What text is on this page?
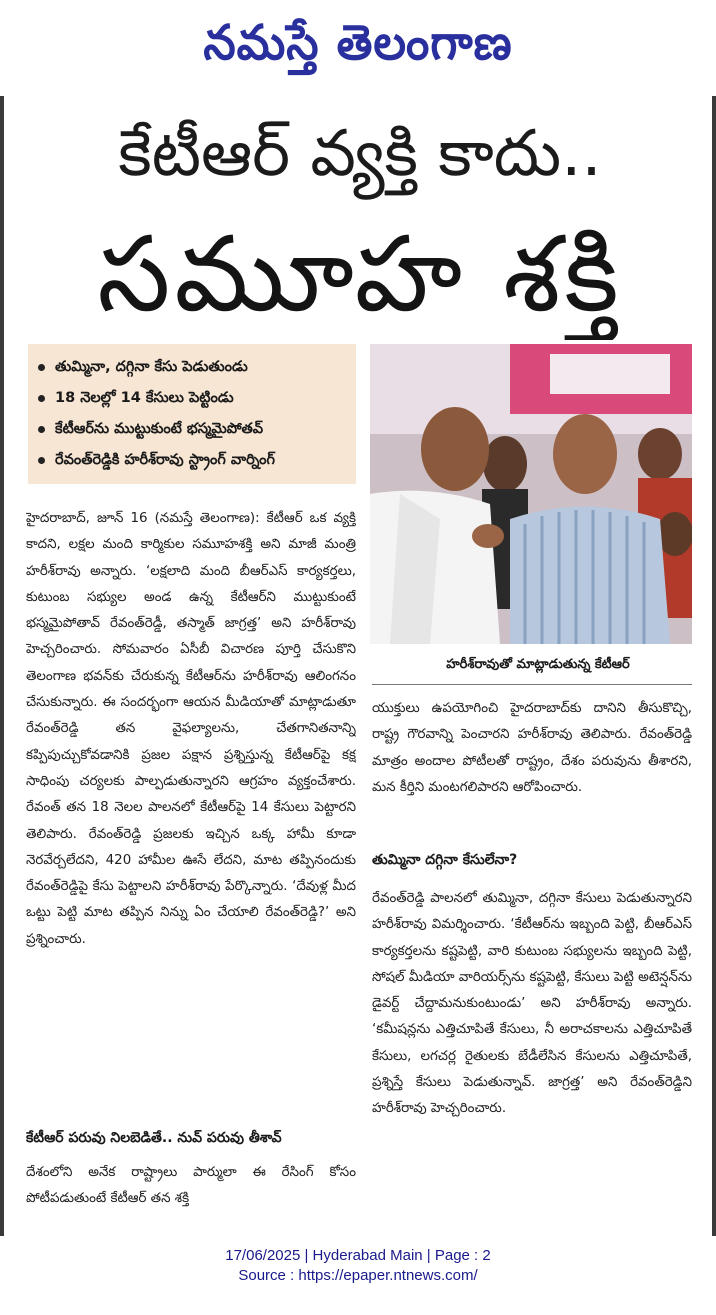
నమస్తే తెలంగాణ
కేటీఆర్ వ్యక్తి కాదు..
సమూహ శక్తి
తుమ్మినా, దగ్గినా కేసు పెడుతుండు
18 నెలల్లో 14 కేసులు పెట్టిండు
కేటీఆర్‌ను ముట్టుకుంటే భస్మమైపోతవ్
రేవంత్‌రెడ్డికి హరీశ్‌రావు స్ట్రాంగ్ వార్నింగ్
హరీశ్‌రావుతో మాట్లాడుతున్న కేటీఆర్

హైదరాబాద్, జూన్ 16 (నమస్తే తెలంగాణ): కేటీఆర్ ఒక వ్యక్తి కాదని, లక్షల మంది కార్మికుల సమూహశక్తి అని మాజీ మంత్రి హరీశ్‌రావు అన్నారు. ‘లక్షలాది మంది బీఆర్‌ఎస్ కార్యకర్తలు, కుటుంబ సభ్యుల అండ ఉన్న కేటీఆర్‌ని ముట్టుకుంటే భస్మమైపోతావ్ రేవంత్‌రెడ్డీ, తస్మాత్ జాగ్రత్త’ అని హరీశ్‌రావు హెచ్చరించారు. సోమవారం ఏసీబీ విచారణ పూర్తి చేసుకొని తెలంగాణ భవన్‌కు చేరుకున్న కేటీఆర్‌ను హరీశ్‌రావు ఆలింగనం చేసుకున్నారు. ఈ సందర్భంగా ఆయన మీడియాతో మాట్లాడుతూ రేవంత్‌రెడ్డి తన వైఫల్యాలను, చేతగానితనాన్ని కప్పిపుచ్చుకోవడానికి ప్రజల పక్షాన ప్రశ్నిస్తున్న కేటీఆర్‌పై కక్ష సాధింపు చర్యలకు పాల్పడుతున్నారని ఆగ్రహం వ్యక్తంచేశారు. రేవంత్ తన 18 నెలల పాలనలో కేటీఆర్‌పై 14 కేసులు పెట్టారని తెలిపారు. రేవంత్‌రెడ్డి ప్రజలకు ఇచ్చిన ఒక్క హామీ కూడా నెరవేర్చలేదని, 420 హామీల ఊసే లేదని, మాట తప్పినందుకు రేవంత్‌రెడ్డిపై కేసు పెట్టాలని హరీశ్‌రావు పేర్కొన్నారు. ‘దేవుళ్ల మీద ఒట్టు పెట్టి మాట తప్పిన నిన్ను ఏం చేయాలి రేవంత్‌రెడ్డి?’ అని ప్రశ్నించారు.

కేటీఆర్ పరువు నిలబెడితే.. నువ్ పరువు తీశావ్

దేశంలోని అనేక రాష్ట్రాలు పార్ములా ఈ రేసింగ్ కోసం పోటీపడుతుంటే కేటీఆర్ తన శక్తి

యుక్తులు ఉపయోగించి హైదరాబాద్‌కు దానిని తీసుకొచ్చి, రాష్ట్ర గౌరవాన్ని పెంచారని హరీశ్‌రావు తెలిపారు. రేవంత్‌రెడ్డి మాత్రం అందాల పోటీలతో రాష్ట్రం, దేశం పరువును తీశారని, మన కీర్తిని మంటగలిపారని ఆరోపించారు.

తుమ్మినా దగ్గినా కేసులేనా?

రేవంత్‌రెడ్డి పాలనలో తుమ్మినా, దగ్గినా కేసులు పెడుతున్నారని హరీశ్‌రావు విమర్శించారు. ‘కేటీఆర్‌ను ఇబ్బంది పెట్టి, బీఆర్‌ఎస్ కార్యకర్తలను కష్టపెట్టి, వారి కుటుంబ సభ్యులను ఇబ్బంది పెట్టి, సోషల్ మీడియా వారియర్స్‌ను కష్టపెట్టి, కేసులు పెట్టి అటెన్షన్‌ను డైవర్ట్ చేద్దామనుకుంటుండు’ అని హరీశ్‌రావు అన్నారు. ‘కమీషన్లను ఎత్తిచూపితే కేసులు, నీ అరాచకాలను ఎత్తిచూపితే కేసులు, లగచర్ల రైతులకు బేడీలేసిన కేసులను ఎత్తిచూపితే, ప్రశ్నిస్తే కేసులు పెడుతున్నావ్. జాగ్రత్త’ అని రేవంత్‌రెడ్డిని హరీశ్‌రావు హెచ్చరించారు.

17/06/2025 | Hyderabad Main | Page : 2
Source : https://epaper.ntnews.com/
